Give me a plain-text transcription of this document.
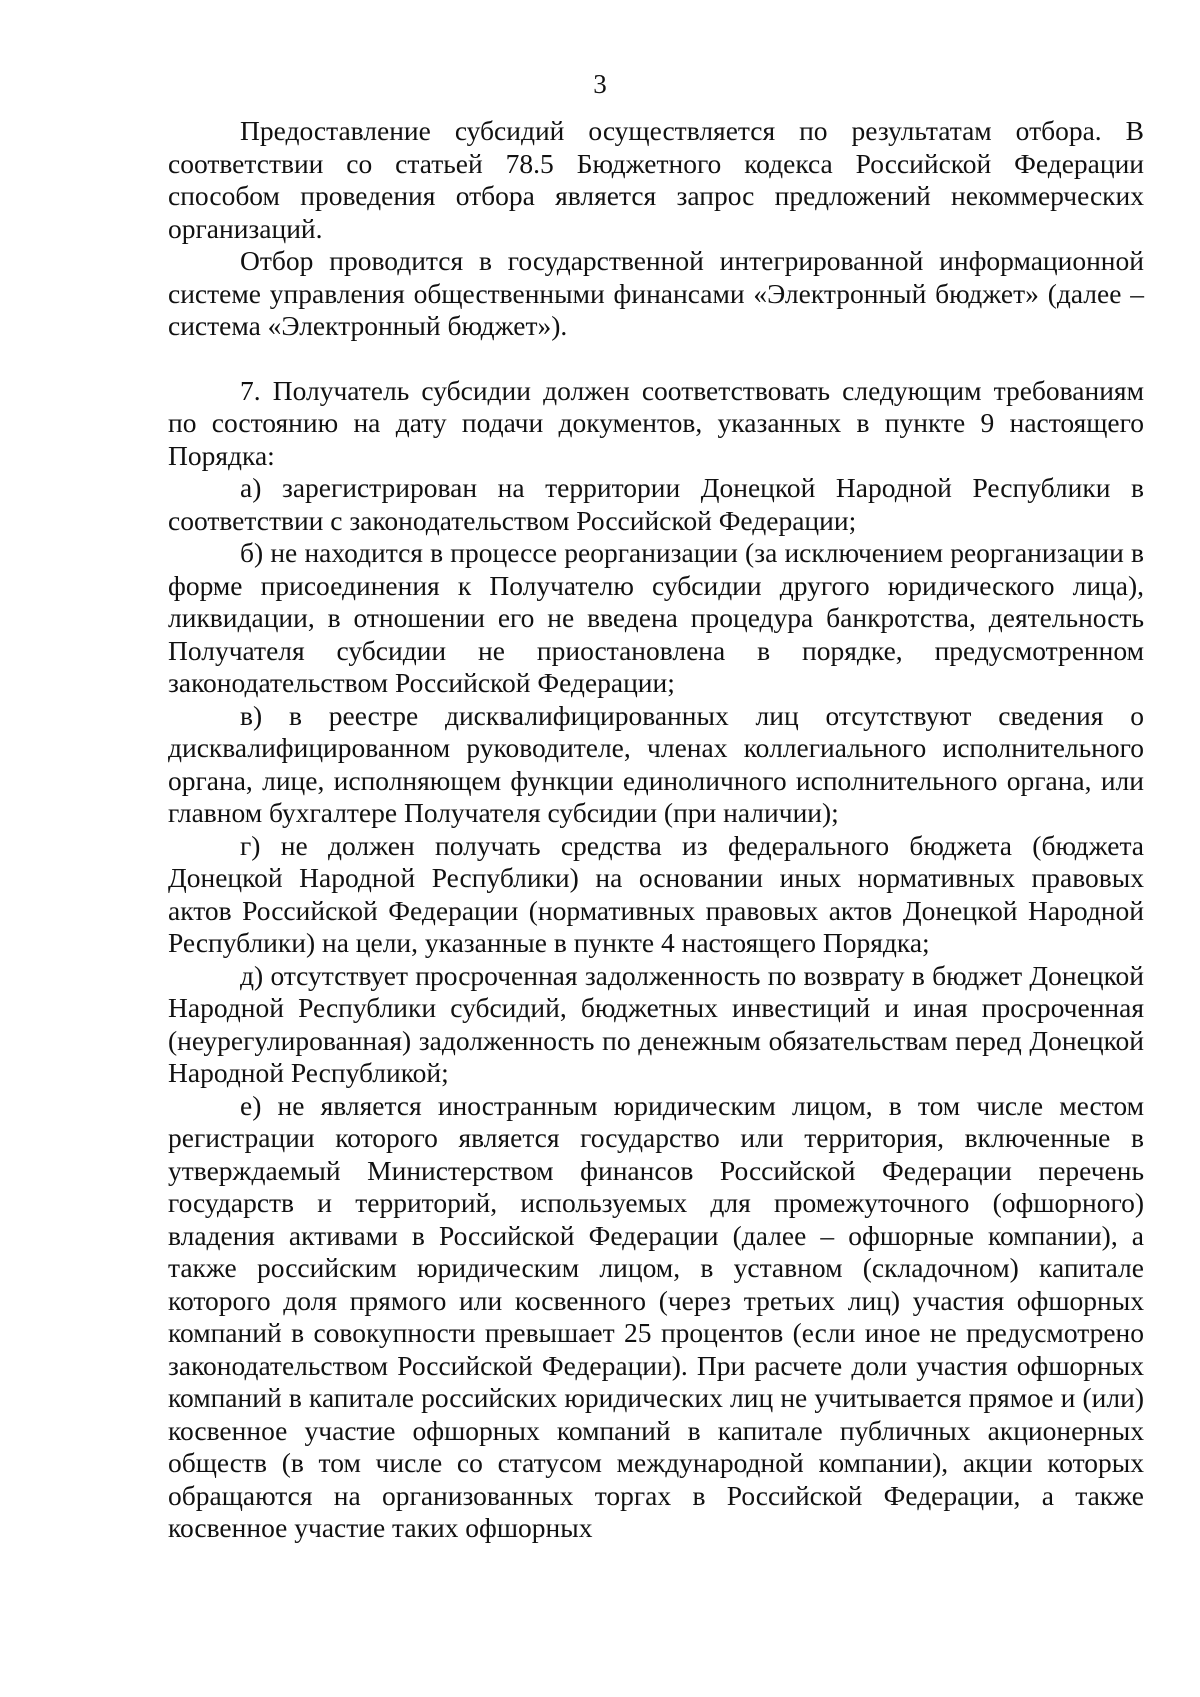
3

Предоставление субсидий осуществляется по результатам отбора. В соответствии со статьей 78.5 Бюджетного кодекса Российской Федерации способом проведения отбора является запрос предложений некоммерческих организаций.

Отбор проводится в государственной интегрированной информационной системе управления общественными финансами «Электронный бюджет» (далее – система «Электронный бюджет»).

7. Получатель субсидии должен соответствовать следующим требованиям по состоянию на дату подачи документов, указанных в пункте 9 настоящего Порядка:

а) зарегистрирован на территории Донецкой Народной Республики в соответствии с законодательством Российской Федерации;

б) не находится в процессе реорганизации (за исключением реорганизации в форме присоединения к Получателю субсидии другого юридического лица), ликвидации, в отношении его не введена процедура банкротства, деятельность Получателя субсидии не приостановлена в порядке, предусмотренном законодательством Российской Федерации;

в) в реестре дисквалифицированных лиц отсутствуют сведения о дисквалифицированном руководителе, членах коллегиального исполнительного органа, лице, исполняющем функции единоличного исполнительного органа, или главном бухгалтере Получателя субсидии (при наличии);

г) не должен получать средства из федерального бюджета (бюджета Донецкой Народной Республики) на основании иных нормативных правовых актов Российской Федерации (нормативных правовых актов Донецкой Народной Республики) на цели, указанные в пункте 4 настоящего Порядка;

д) отсутствует просроченная задолженность по возврату в бюджет Донецкой Народной Республики субсидий, бюджетных инвестиций и иная просроченная (неурегулированная) задолженность по денежным обязательствам перед Донецкой Народной Республикой;

е) не является иностранным юридическим лицом, в том числе местом регистрации которого является государство или территория, включенные в утверждаемый Министерством финансов Российской Федерации перечень государств и территорий, используемых для промежуточного (офшорного) владения активами в Российской Федерации (далее – офшорные компании), а также российским юридическим лицом, в уставном (складочном) капитале которого доля прямого или косвенного (через третьих лиц) участия офшорных компаний в совокупности превышает 25 процентов (если иное не предусмотрено законодательством Российской Федерации). При расчете доли участия офшорных компаний в капитале российских юридических лиц не учитывается прямое и (или) косвенное участие офшорных компаний в капитале публичных акционерных обществ (в том числе со статусом международной компании), акции которых обращаются на организованных торгах в Российской Федерации, а также косвенное участие таких офшорных
